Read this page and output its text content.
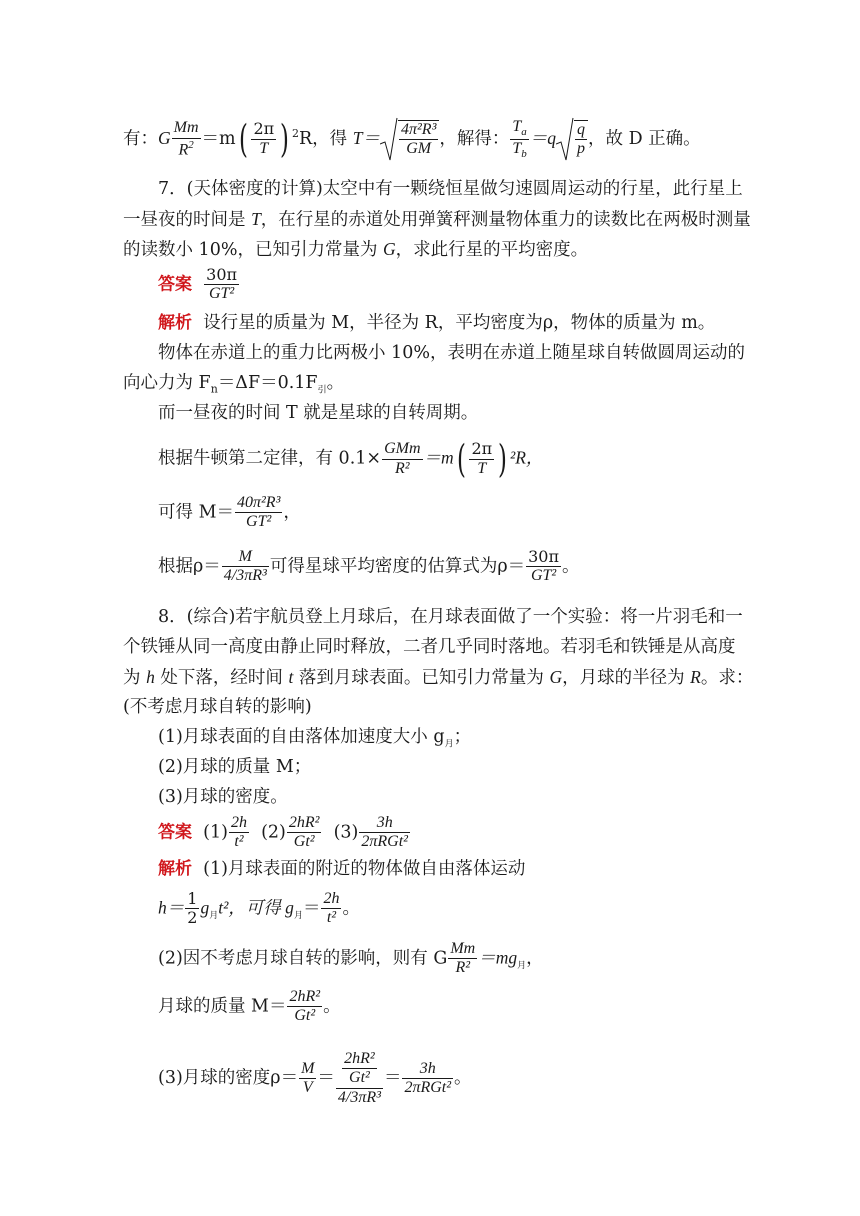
有：G $\frac{Mm}{R^2} =m( \frac{2\pi}{T}$ ) $^2$R，得 $T= \frac{\text{4π²R³}}{GM}$ ，解得： $\frac{T_a}{T_b} =q \frac{q}{p}$ ，故 D 正确。
7．(天体密度的计算)太空中有一颗绕恒星做匀速圆周运动的行星，此行星上
一昼夜的时间是 T，在行星的赤道处用弹簧秤测量物体重力的读数比在两极时测量
的读数小 10%，已知引力常量为 G，求此行星的平均密度。
答案 $\frac{30\pi}{\text{GT²}}$
解析 设行星的质量为 M，半径为 R，平均密度为ρ，物体的质量为 m。
物体在赤道上的重力比两极小 10%，表明在赤道上随星球自转做圆周运动的
向心力为 $F_n=\Delta F=0.1F_引$。
而一昼夜的时间 T 就是星球的自转周期。
根据牛顿第二定律，有 $0.1\times \frac{\text{GMm}}{\text{R²}} =m( \frac{2\pi}{T}$ ) ²R，
可得 $M= \frac{\text{40π²R³}}{\text{GT²}}$ ，
根据$\rho= \frac{M}{\text{4/3πR³}}$ 可得星球平均密度的估算式为$\rho= \frac{30\pi}{\text{GT²}}$ 。
8．(综合)若宇航员登上月球后，在月球表面做了一个实验：将一片羽毛和一
个铁锤从同一高度由静止同时释放，二者几乎同时落地。若羽毛和铁锤是从高度
为 h 处下落，经时间 t 落到月球表面。已知引力常量为 G，月球的半径为 R。求：
(不考虑月球自转的影响)
(1)月球表面的自由落体加速度大小 $g_月$；
(2)月球的质量 M；
(3)月球的密度。
答案 $(1) \frac{2h}{\text{t²}} (2) \frac{\text{2hR²}}{\text{Gt²}} (3) \frac{3h}{\text{2πRGt²}}$
解析 (1)月球表面的附近的物体做自由落体运动
$h= \frac{1}{2} g_月t^2$，可得 $g_月= \frac{2h}{\text{t²}}$ 。
(2)因不考虑月球自转的影响，则有 G $\frac{Mm}{\text{R²}} =mg_月$，
月球的质量 $M= \frac{\text{2hR²}}{\text{Gt²}}$ 。
(3)月球的密度$\rho= \frac{M}{V} = \frac{\frac{\text{2hR²}}{\text{Gt²}}}{\text{4/3πR³}} = \frac{3h}{\text{2πRGt²}}$ 。
